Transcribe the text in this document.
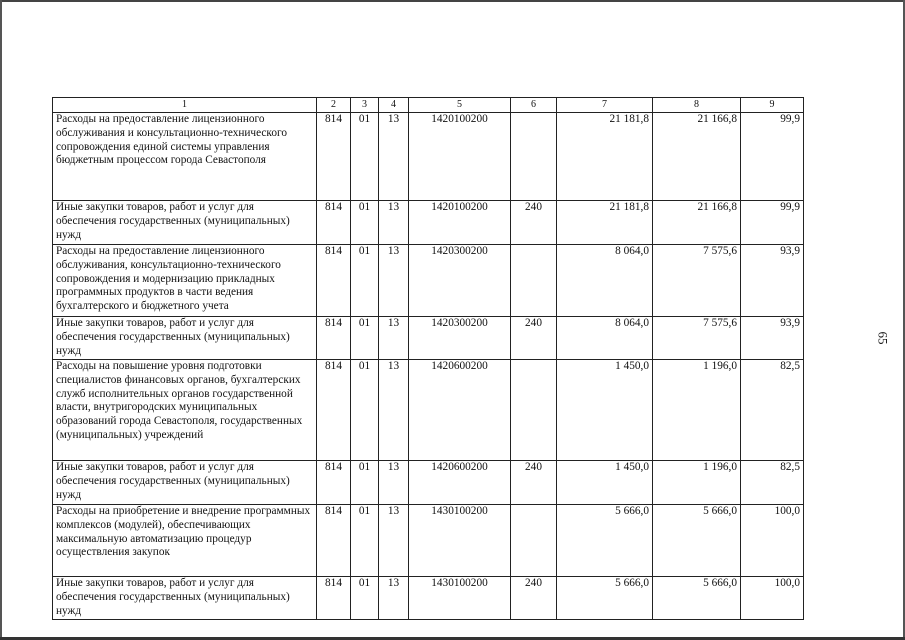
65
1	2	3	4	5	6	7	8	9
Расходы на предоставление лицензионного обслуживания и консультационно-технического сопровождения единой системы управления бюджетным процессом города Севастополя	814	01	13	1420100200		21 181,8	21 166,8	99,9
Иные закупки товаров, работ и услуг для обеспечения государственных (муниципальных) нужд	814	01	13	1420100200	240	21 181,8	21 166,8	99,9
Расходы на предоставление лицензионного обслуживания, консультационно-технического сопровождения и модернизацию прикладных программных продуктов в части ведения бухгалтерского и бюджетного учета	814	01	13	1420300200		8 064,0	7 575,6	93,9
Иные закупки товаров, работ и услуг для обеспечения государственных (муниципальных) нужд	814	01	13	1420300200	240	8 064,0	7 575,6	93,9
Расходы на повышение уровня подготовки специалистов финансовых органов, бухгалтерских служб исполнительных органов государственной власти, внутригородских муниципальных образований города Севастополя, государственных (муниципальных) учреждений	814	01	13	1420600200		1 450,0	1 196,0	82,5
Иные закупки товаров, работ и услуг для обеспечения государственных (муниципальных) нужд	814	01	13	1420600200	240	1 450,0	1 196,0	82,5
Расходы на приобретение и внедрение программных комплексов (модулей), обеспечивающих максимальную автоматизацию процедур осуществления закупок	814	01	13	1430100200		5 666,0	5 666,0	100,0
Иные закупки товаров, работ и услуг для обеспечения государственных (муниципальных) нужд	814	01	13	1430100200	240	5 666,0	5 666,0	100,0
